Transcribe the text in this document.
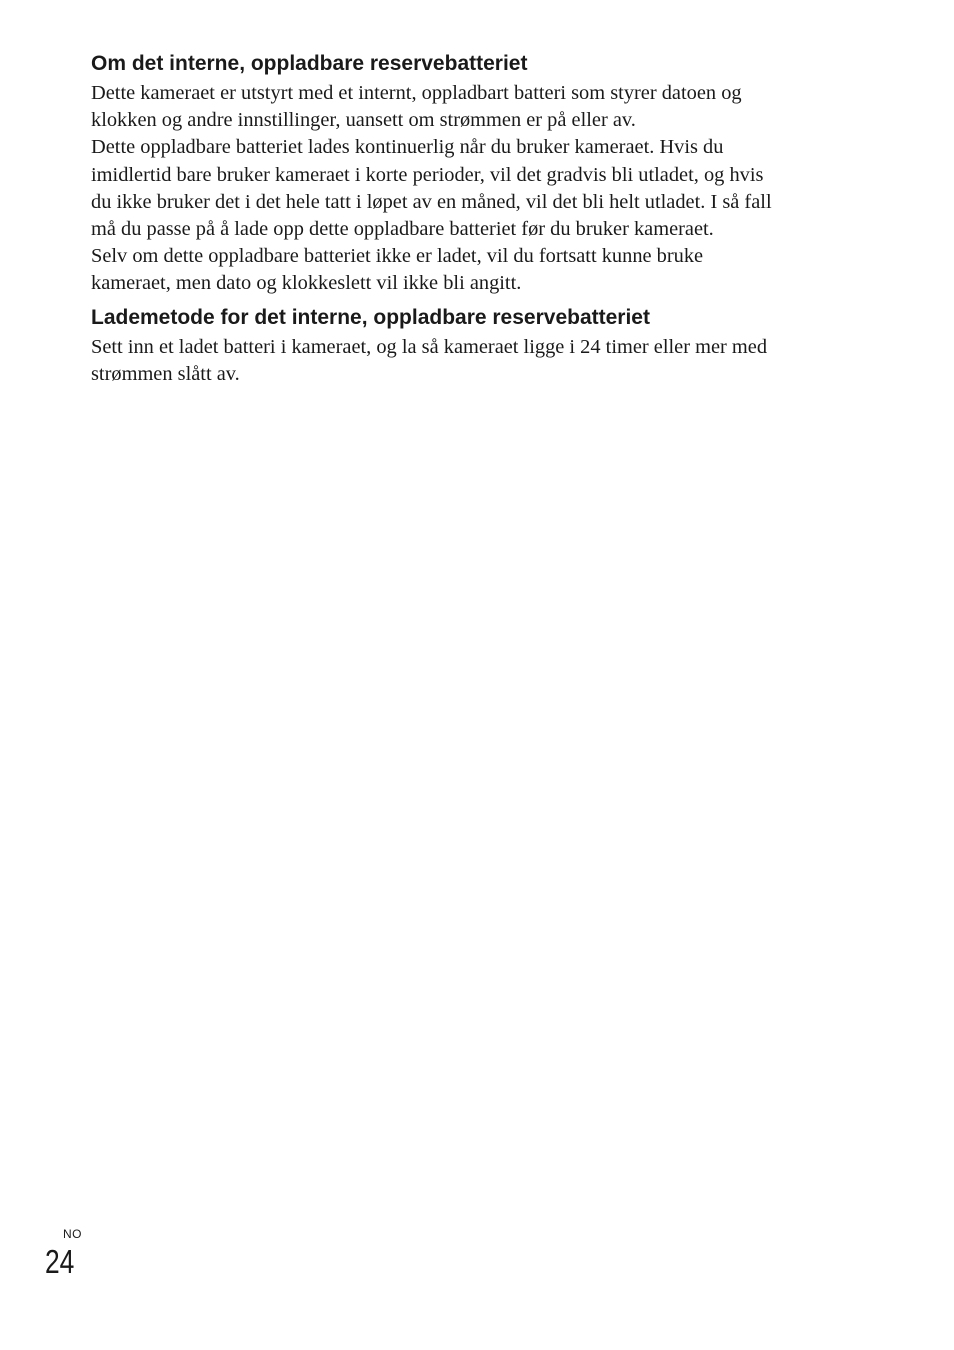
Om det interne, oppladbare reservebatteriet

Dette kameraet er utstyrt med et internt, oppladbart batteri som styrer datoen og
klokken og andre innstillinger, uansett om strømmen er på eller av.

Dette oppladbare batteriet lades kontinuerlig når du bruker kameraet. Hvis du
imidlertid bare bruker kameraet i korte perioder, vil det gradvis bli utladet, og hvis
du ikke bruker det i det hele tatt i løpet av en måned, vil det bli helt utladet. I så fall
må du passe på å lade opp dette oppladbare batteriet før du bruker kameraet.

Selv om dette oppladbare batteriet ikke er ladet, vil du fortsatt kunne bruke
kameraet, men dato og klokkeslett vil ikke bli angitt.

Lademetode for det interne, oppladbare reservebatteriet

Sett inn et ladet batteri i kameraet, og la så kameraet ligge i 24 timer eller mer med
strømmen slått av.

NO
24
